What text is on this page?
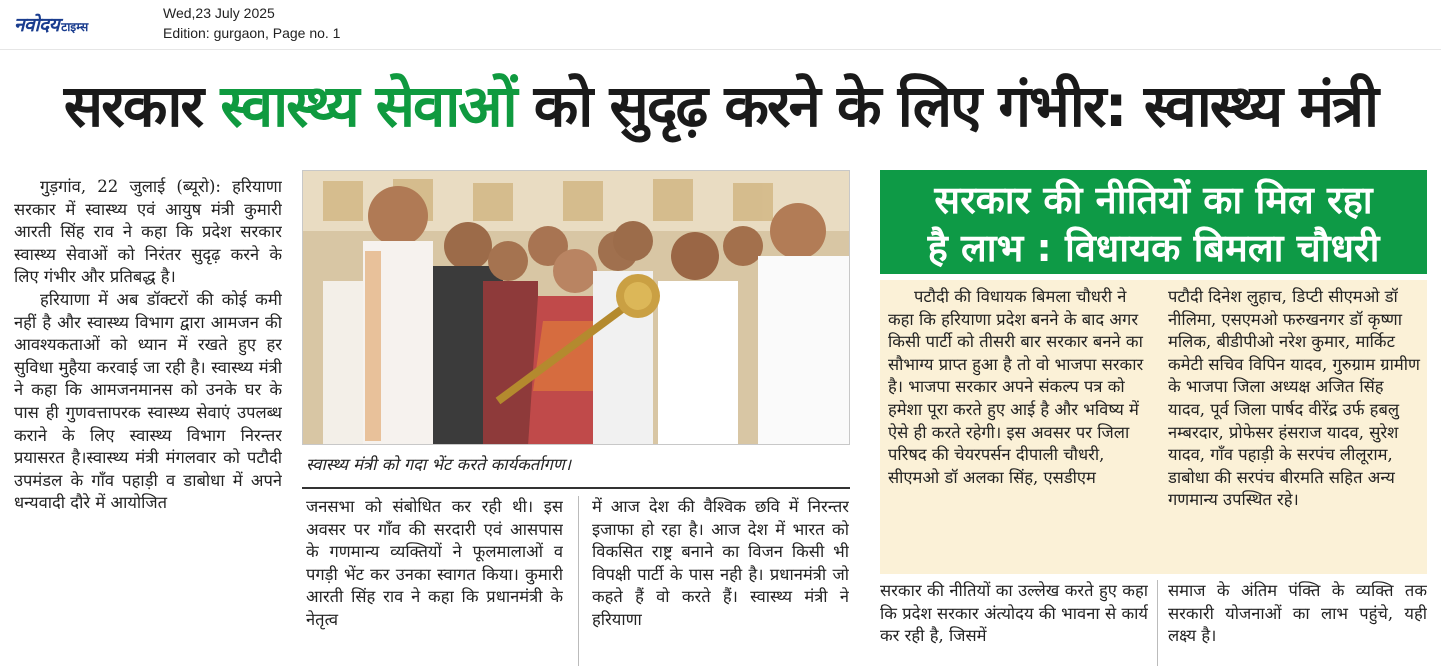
नवोदय टाइम्स
Wed,23 July 2025
Edition: gurgaon, Page no. 1
सरकार स्वास्थ्य सेवाओं को सुदृढ़ करने के लिए गंभीर: स्वास्थ्य मंत्री

गुड़गांव, 22 जुलाई (ब्यूरो): हरियाणा सरकार में स्वास्थ्य एवं आयुष मंत्री कुमारी आरती सिंह राव ने कहा कि प्रदेश सरकार स्वास्थ्य सेवाओं को निरंतर सुदृढ़ करने के लिए गंभीर और प्रतिबद्ध है।

हरियाणा में अब डॉक्टरों की कोई कमी नहीं है और स्वास्थ्य विभाग द्वारा आमजन की आवश्यकताओं को ध्यान में रखते हुए हर सुविधा मुहैया करवाई जा रही है। स्वास्थ्य मंत्री ने कहा कि आमजनमानस को उनके घर के पास ही गुणवत्तापरक स्वास्थ्य सेवाएं उपलब्ध कराने के लिए स्वास्थ्य विभाग निरन्तर प्रयासरत है।स्वास्थ्य मंत्री मंगलवार को पटौदी उपमंडल के गाँव पहाड़ी व डाबोधा में अपने धन्यवादी दौरे में आयोजित

स्वास्थ्य मंत्री को गदा भेंट करते कार्यकर्तागण।
जनसभा को संबोधित कर रही थी। इस अवसर पर गाँव की सरदारी एवं आसपास के गणमान्य व्यक्तियों ने फूलमालाओं व पगड़ी भेंट कर उनका स्वागत किया। कुमारी आरती सिंह राव ने कहा कि प्रधानमंत्री के नेतृत्व
में आज देश की वैश्विक छवि में निरन्तर इजाफा हो रहा है। आज देश में भारत को विकसित राष्ट्र बनाने का विजन किसी भी विपक्षी पार्टी के पास नही है। प्रधानमंत्री जो कहते हैं वो करते हैं। स्वास्थ्य मंत्री ने हरियाणा
सरकार की नीतियों का मिल रहा
है लाभ : विधायक बिमला चौधरी

पटौदी की विधायक बिमला चौधरी ने कहा कि हरियाणा प्रदेश बनने के बाद अगर किसी पार्टी को तीसरी बार सरकार बनने का सौभाग्य प्राप्त हुआ है तो वो भाजपा सरकार है। भाजपा सरकार अपने संकल्प पत्र को हमेशा पूरा करते हुए आई है और भविष्य में ऐसे ही करते रहेगी। इस अवसर पर जिला परिषद की चेयरपर्सन दीपाली चौधरी, सीएमओ डॉ अलका सिंह, एसडीएम

पटौदी दिनेश लुहाच, डिप्टी सीएमओ डॉ नीलिमा, एसएमओ फरुखनगर डॉ कृष्णा मलिक, बीडीपीओ नरेश कुमार, मार्किट कमेटी सचिव विपिन यादव, गुरुग्राम ग्रामीण के भाजपा जिला अध्यक्ष अजित सिंह यादव, पूर्व जिला पार्षद वीरेंद्र उर्फ हबलु नम्बरदार, प्रोफेसर हंसराज यादव, सुरेश यादव, गाँव पहाड़ी के सरपंच लीलूराम, डाबोधा की सरपंच बीरमति सहित अन्य गणमान्य उपस्थित रहे।
सरकार की नीतियों का उल्लेख करते हुए कहा कि प्रदेश सरकार अंत्योदय की भावना से कार्य कर रही है, जिसमें
समाज के अंतिम पंक्ति के व्यक्ति तक सरकारी योजनाओं का लाभ पहुंचे, यही लक्ष्य है।
